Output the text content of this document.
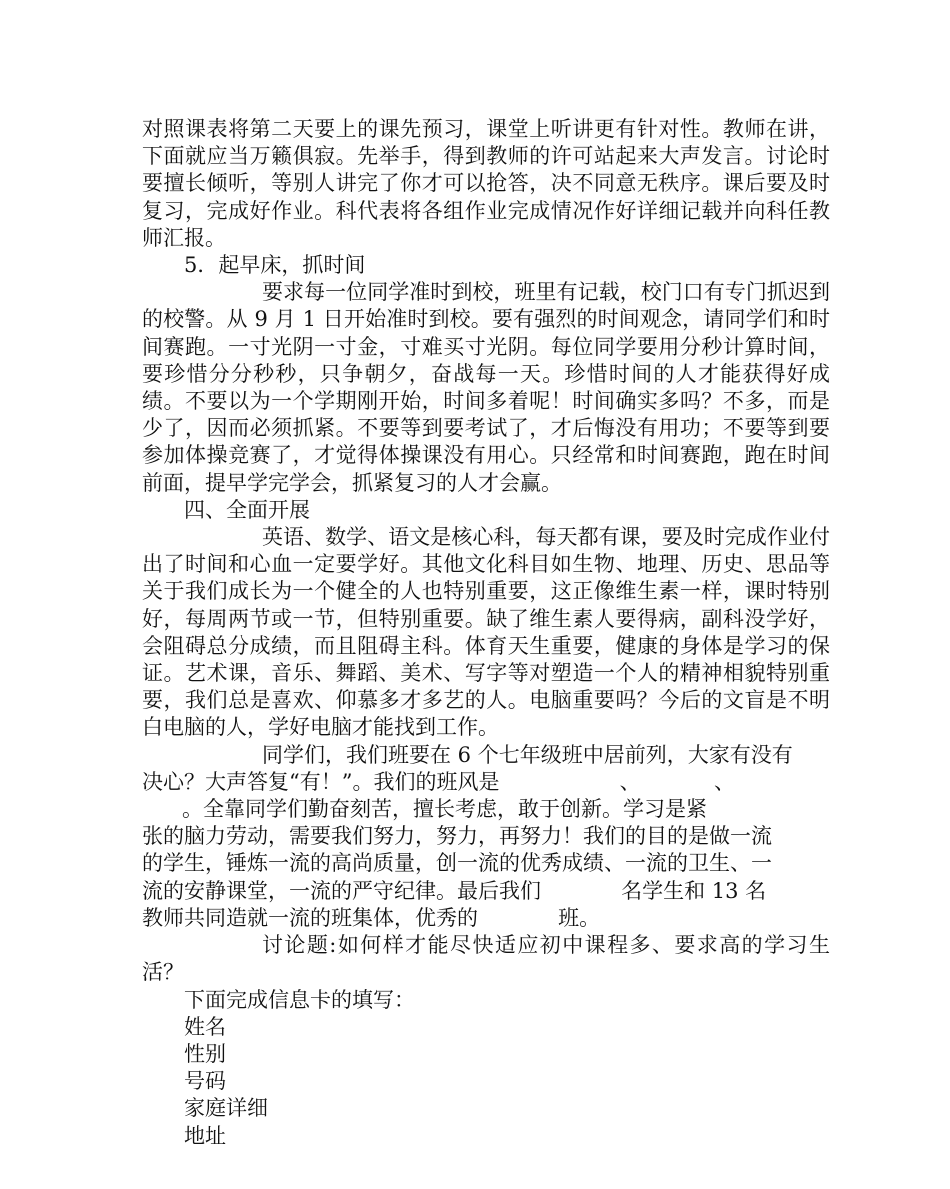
对照课表将第二天要上的课先预习，课堂上听讲更有针对性。教师在讲，下面就应当万籁俱寂。先举手，得到教师的许可站起来大声发言。讨论时要擅长倾听，等别人讲完了你才可以抢答，决不同意无秩序。课后要及时复习，完成好作业。科代表将各组作业完成情况作好详细记载并向科任教师汇报。

5．起早床，抓时间

要求每一位同学准时到校，班里有记载，校门口有专门抓迟到的校警。从 9 月 1 日开始准时到校。要有强烈的时间观念，请同学们和时间赛跑。一寸光阴一寸金，寸难买寸光阴。每位同学要用分秒计算时间，要珍惜分分秒秒，只争朝夕，奋战每一天。珍惜时间的人才能获得好成绩。不要以为一个学期刚开始，时间多着呢！时间确实多吗？不多，而是少了，因而必须抓紧。不要等到要考试了，才后悔没有用功；不要等到要参加体操竞赛了，才觉得体操课没有用心。只经常和时间赛跑，跑在时间前面，提早学完学会，抓紧复习的人才会赢。

四、全面开展

英语、数学、语文是核心科，每天都有课，要及时完成作业付出了时间和心血一定要学好。其他文化科目如生物、地理、历史、思品等关于我们成长为一个健全的人也特别重要，这正像维生素一样，课时特别好，每周两节或一节，但特别重要。缺了维生素人要得病，副科没学好，会阻碍总分成绩，而且阻碍主科。体育天生重要，健康的身体是学习的保证。艺术课，音乐、舞蹈、美术、写字等对塑造一个人的精神相貌特别重要，我们总是喜欢、仰慕多才多艺的人。电脑重要吗？今后的文盲是不明白电脑的人，学好电脑才能找到工作。

同学们，我们班要在 6 个七年级班中居前列，大家有没有
决心？大声答复“有！”。我们的班风是                  、           、
。全靠同学们勤奋刻苦，擅长考虑，敢于创新。学习是紧
张的脑力劳动，需要我们努力，努力，再努力！我们的目的是做一流
的学生，锤炼一流的高尚质量，创一流的优秀成绩、一流的卫生、一
流的安静课堂，一流的严守纪律。最后我们            名学生和 13 名
教师共同造就一流的班集体，优秀的            班。

讨论题:如何样才能尽快适应初中课程多、要求高的学习生活？

下面完成信息卡的填写：

姓名
性别
号码
家庭详细
地址
